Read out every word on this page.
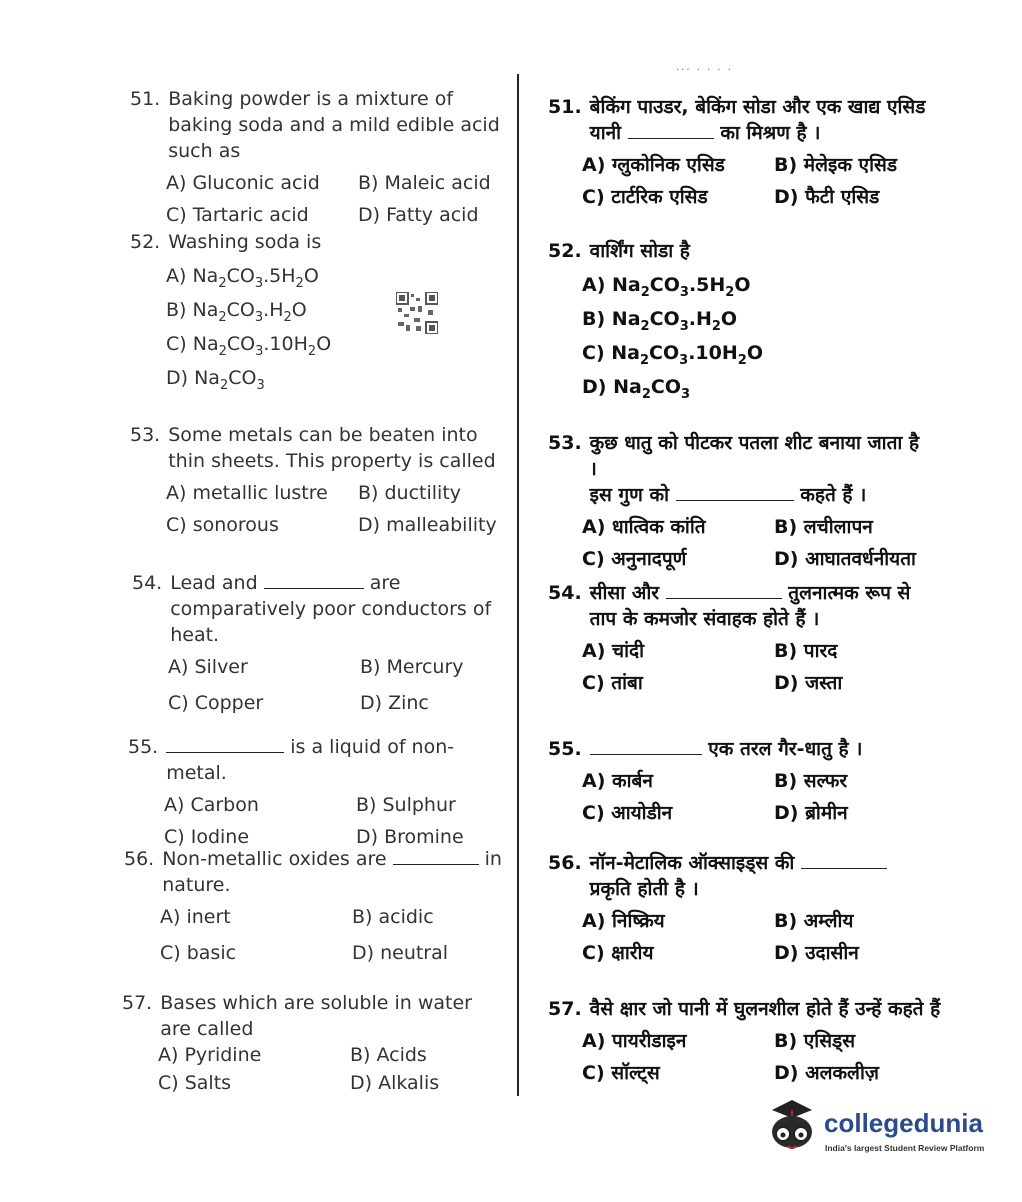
... . . . .
51. Baking powder is a mixture of baking soda and a mild edible acid such as
A) Gluconic acid	B) Maleic acid
C) Tartaric acid	D) Fatty acid
52. Washing soda is
A) $Na_2CO_3.5H_2O$
B) $Na_2CO_3.H_2O$
C) $Na_2CO_3.10H_2O$
D) $Na_2CO_3$
53. Some metals can be beaten into thin sheets. This property is called
A) metallic lustre	B) ductility
C) sonorous	D) malleability
54. Lead and	are comparatively poor conductors of heat.
A) Silver	B) Mercury
C) Copper	D) Zinc
55.	is a liquid of non-metal.
A) Carbon	B) Sulphur
C) Iodine	D) Bromine
56. Non-metallic oxides are	in nature.
A) inert	B) acidic
C) basic	D) neutral
57. Bases which are soluble in water are called
A) Pyridine	B) Acids
C) Salts	D) Alkalis
51. बेकिंग पाउडर, बेकिंग सोडा और एक खाद्य एसिड
यानी	का मिश्रण है ।
A) ग्लुकोनिक एसिड	B) मेलेइक एसिड
C) टार्टरिक एसिड	D) फैटी एसिड
52. वार्शिंग सोडा है
A) $Na_2CO_3.5H_2O$
B) $Na_2CO_3.H_2O$
C) $Na_2CO_3.10H_2O$
D) $Na_2CO_3$
53. कुछ धातु को पीटकर पतला शीट बनाया जाता है ।
इस गुण को	कहते हैं ।
A) धात्विक कांति	B) लचीलापन
C) अनुनादपूर्ण	D) आघातवर्धनीयता
54. सीसा और	तुलनात्मक रूप से
ताप के कमजोर संवाहक होते हैं ।
A) चांदी	B) पारद
C) तांबा	D) जस्ता
55.	एक तरल गैर-धातु है ।
A) कार्बन	B) सल्फर
C) आयोडीन	D) ब्रोमीन
56. नॉन-मेटालिक ऑक्साइड्स की
प्रकृति होती है ।
A) निष्क्रिय	B) अम्लीय
C) क्षारीय	D) उदासीन
57. वैसे क्षार जो पानी में घुलनशील होते हैं उन्हें कहते हैं
A) पायरीडाइन	B) एसिड्स
C) सॉल्ट्स	D) अलकलीज़
collegedunia
India's largest Student Review Platform
